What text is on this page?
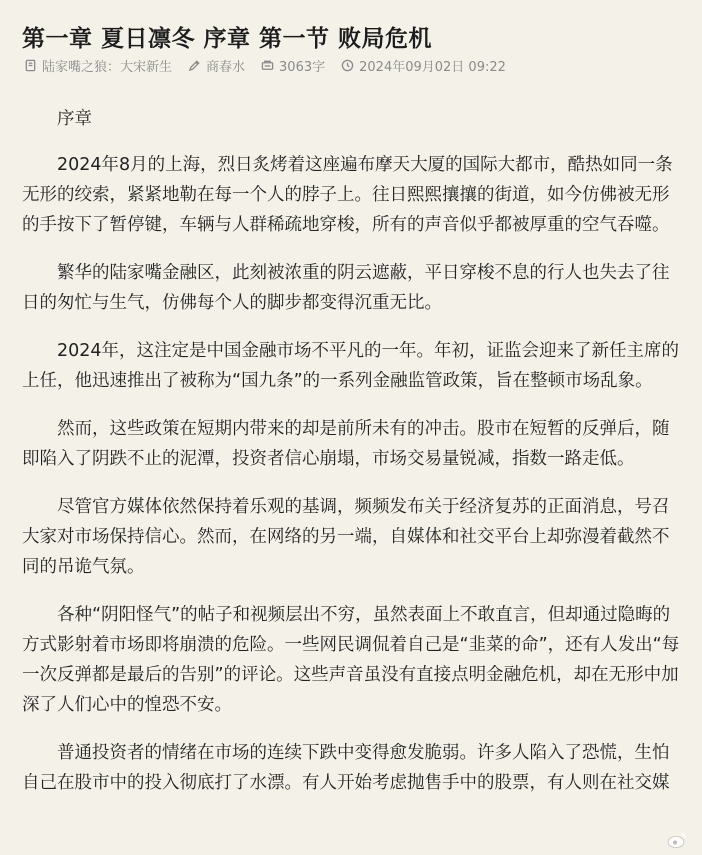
第一章 夏日凛冬 序章 第一节 败局危机
陆家嘴之狼：大宋新生	商春水	3063字	2024年09月02日 09:22

序章

2024年8月的上海，烈日炙烤着这座遍布摩天大厦的国际大都市，酷热如同一条无形的绞索，紧紧地勒在每一个人的脖子上。往日熙熙攘攘的街道，如今仿佛被无形的手按下了暂停键，车辆与人群稀疏地穿梭，所有的声音似乎都被厚重的空气吞噬。

繁华的陆家嘴金融区，此刻被浓重的阴云遮蔽，平日穿梭不息的行人也失去了往日的匆忙与生气，仿佛每个人的脚步都变得沉重无比。

2024年，这注定是中国金融市场不平凡的一年。年初，证监会迎来了新任主席的上任，他迅速推出了被称为“国九条”的一系列金融监管政策，旨在整顿市场乱象。

然而，这些政策在短期内带来的却是前所未有的冲击。股市在短暂的反弹后，随即陷入了阴跌不止的泥潭，投资者信心崩塌，市场交易量锐减，指数一路走低。

尽管官方媒体依然保持着乐观的基调，频频发布关于经济复苏的正面消息，号召大家对市场保持信心。然而，在网络的另一端，自媒体和社交平台上却弥漫着截然不同的吊诡气氛。

各种“阴阳怪气”的帖子和视频层出不穷，虽然表面上不敢直言，但却通过隐晦的方式影射着市场即将崩溃的危险。一些网民调侃着自己是“韭菜的命”，还有人发出“每一次反弹都是最后的告别”的评论。这些声音虽没有直接点明金融危机，却在无形中加深了人们心中的惶恐不安。

普通投资者的情绪在市场的连续下跌中变得愈发脆弱。许多人陷入了恐慌，生怕自己在股市中的投入彻底打了水漂。有人开始考虑抛售手中的股票，有人则在社交媒
